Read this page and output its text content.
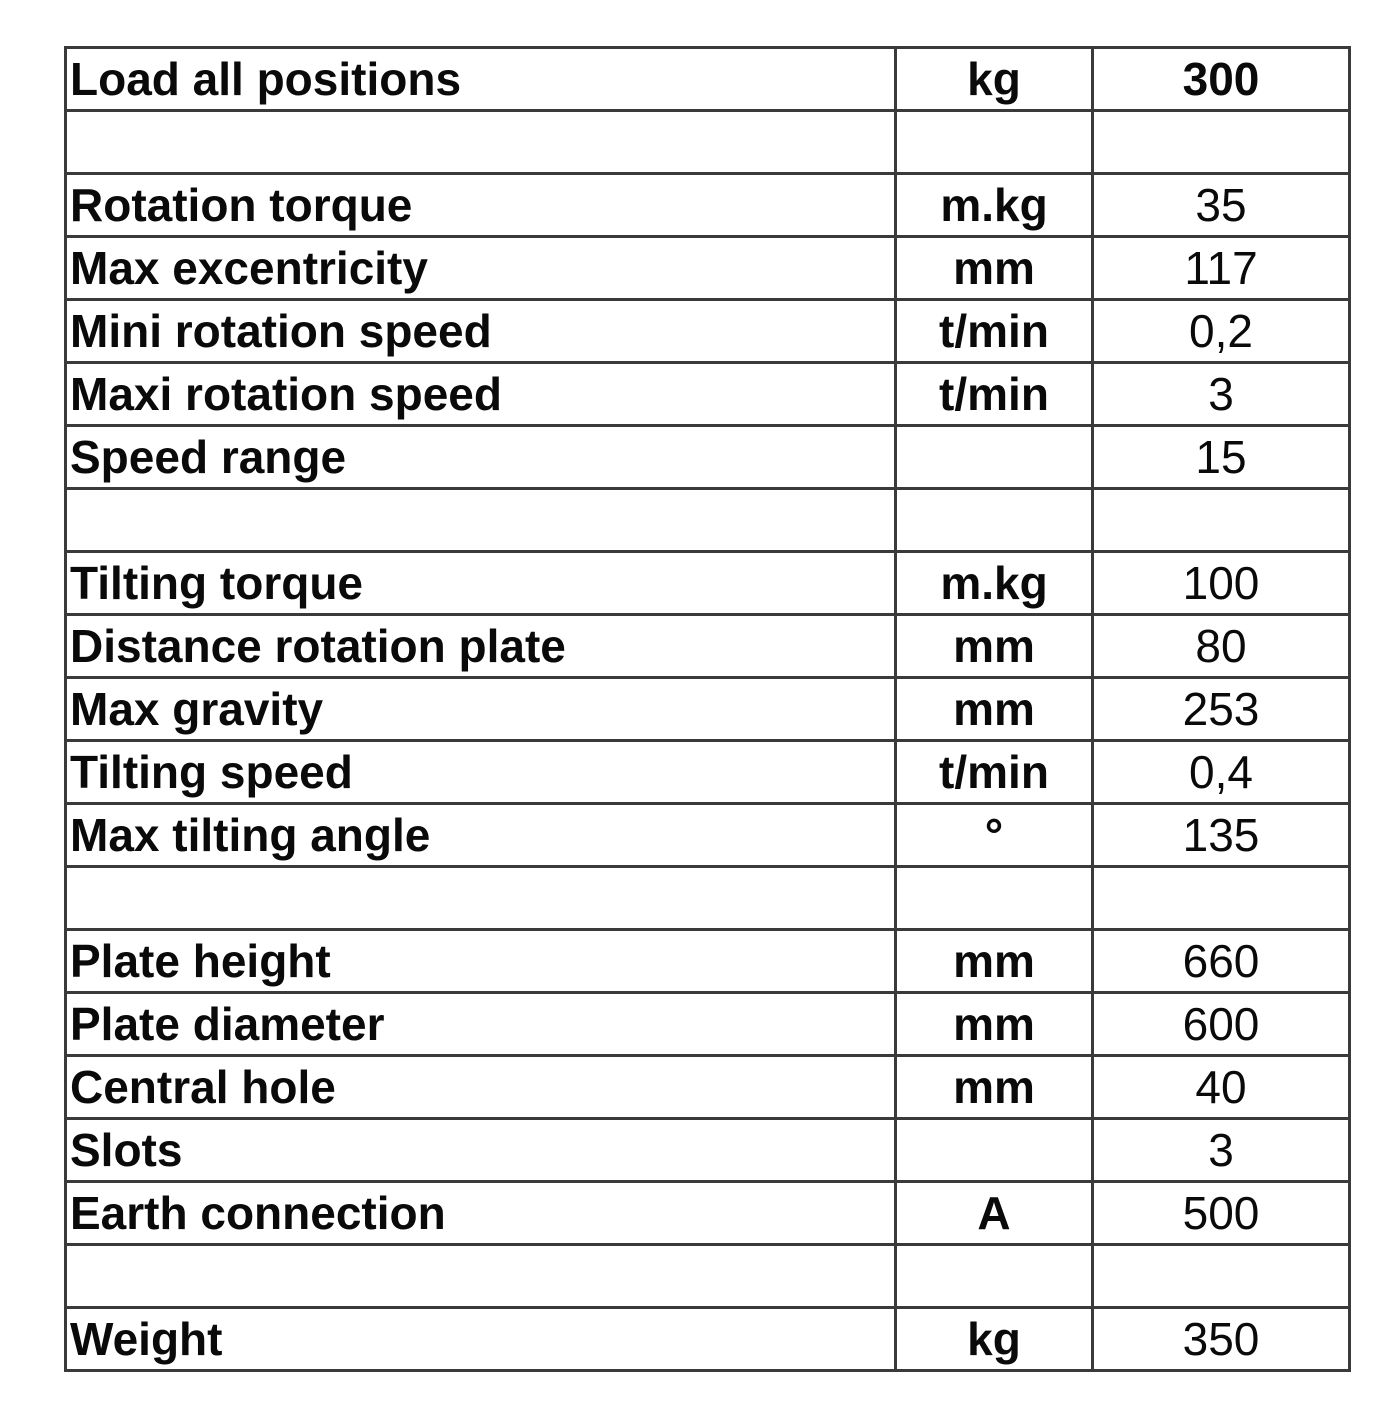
Load all positions	kg	300

Rotation torque	m.kg	35
Max excentricity	mm	117
Mini rotation speed	t/min	0,2
Maxi rotation speed	t/min	3
Speed range		15

Tilting torque	m.kg	100
Distance rotation plate	mm	80
Max gravity	mm	253
Tilting speed	t/min	0,4
Max tilting angle	°	135

Plate height	mm	660
Plate diameter	mm	600
Central hole	mm	40
Slots		3
Earth connection	A	500

Weight	kg	350
